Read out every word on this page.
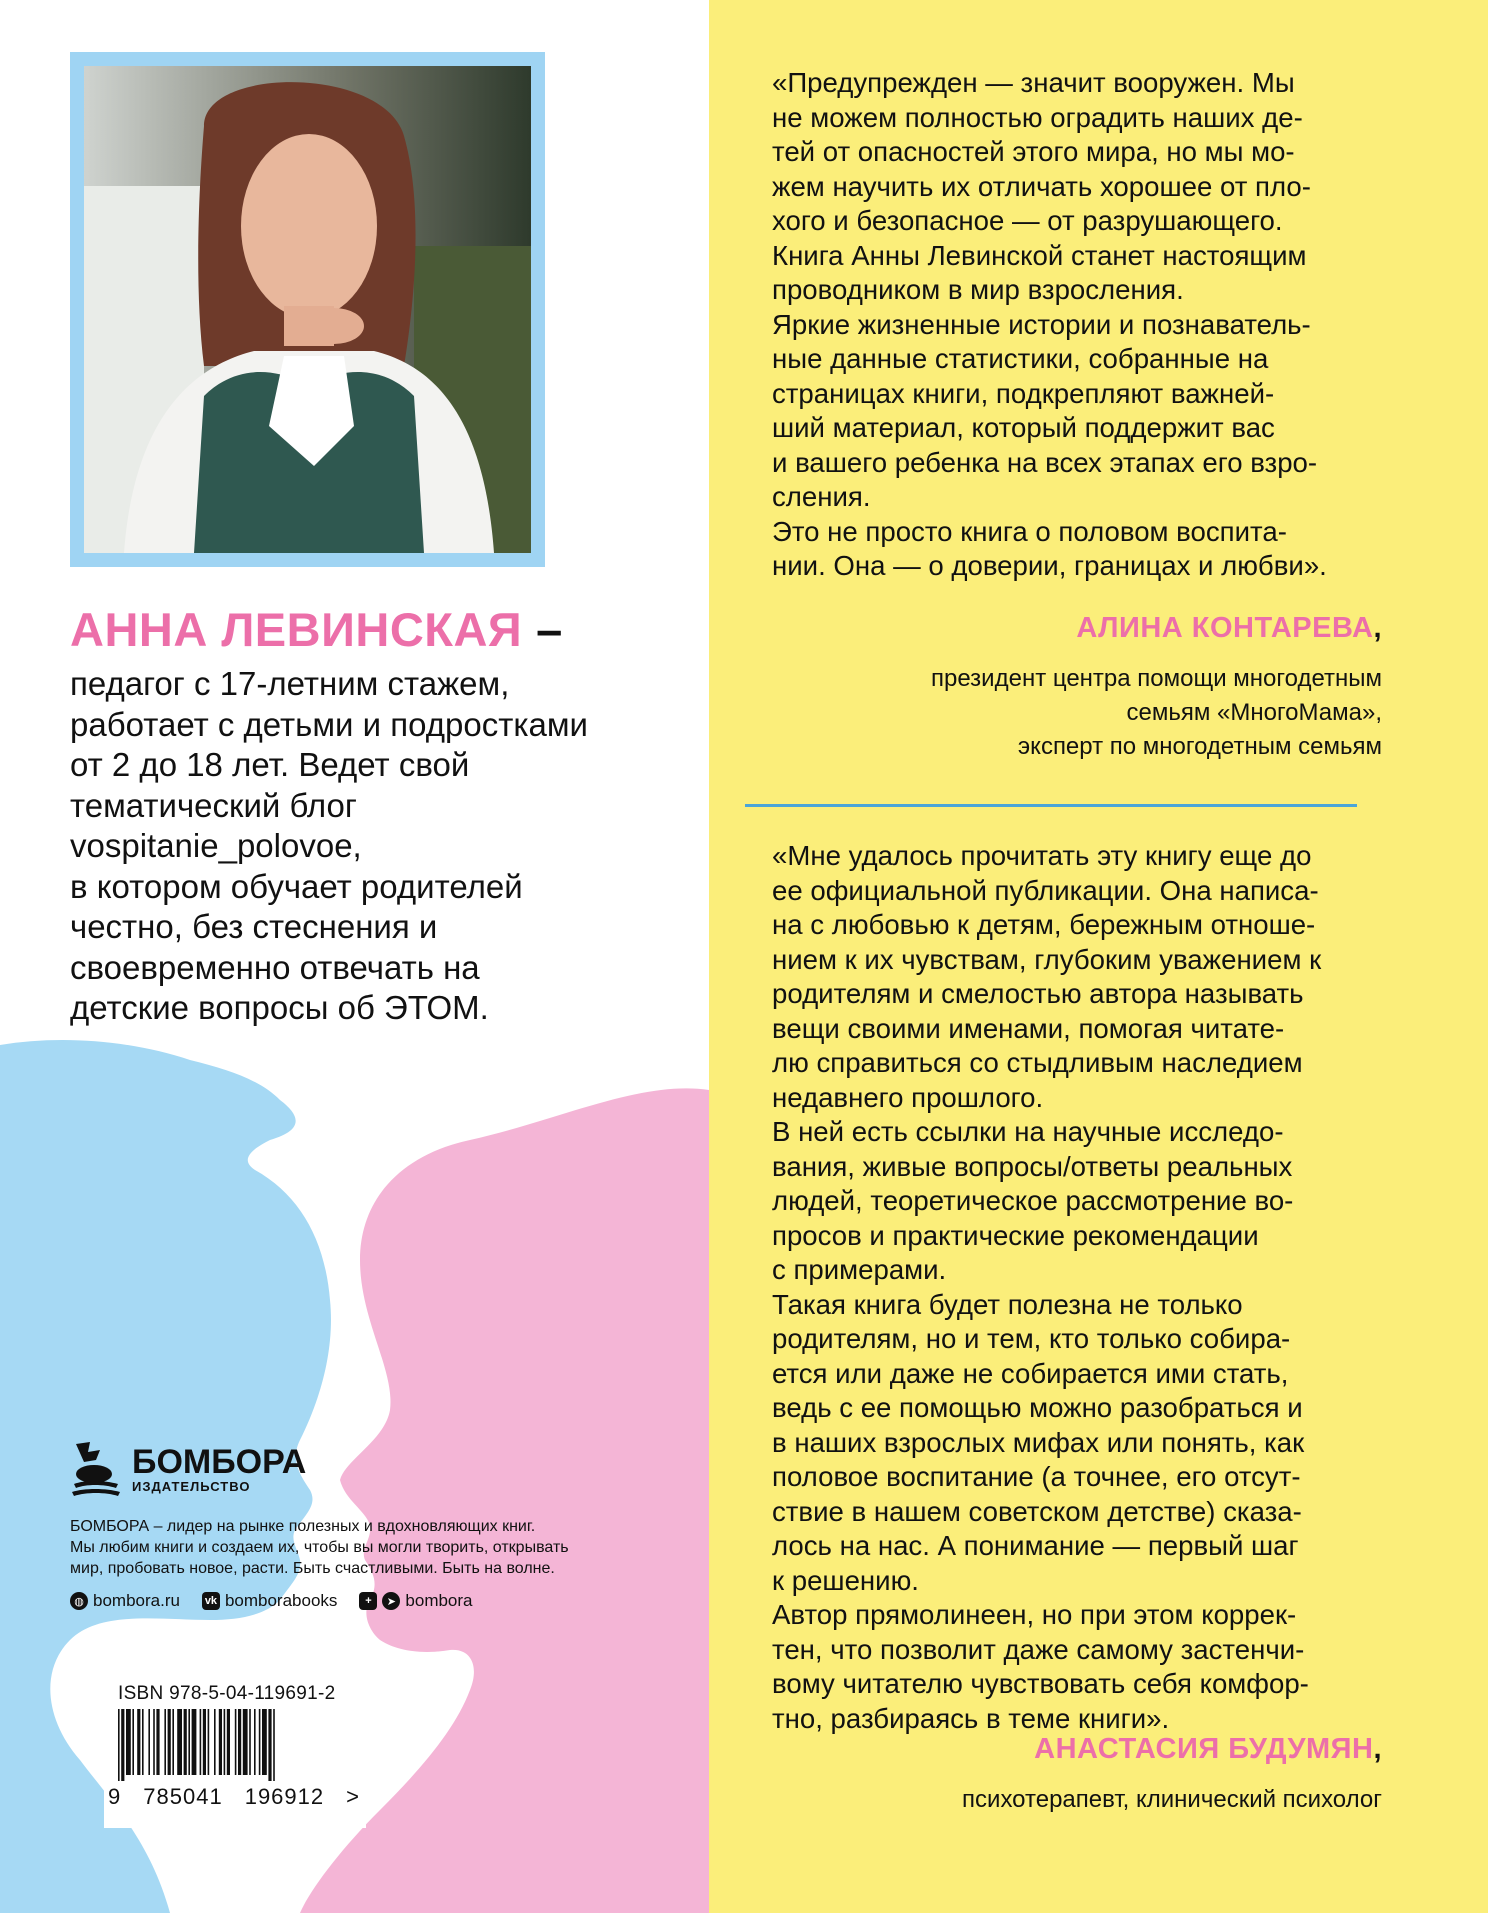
АННА ЛЕВИНСКАЯ –
педагог с 17-летним стажем,
работает с детьми и подростками
от 2 до 18 лет. Ведет свой
тематический блог
vospitanie_polovoe,
в котором обучает родителей
честно, без стеснения и
своевременно отвечать на
детские вопросы об ЭТОМ.
«Предупрежден — значит вооружен. Мы
не можем полностью оградить наших де-
тей от опасностей этого мира, но мы мо-
жем научить их отличать хорошее от пло-
хого и безопасное — от разрушающего.
Книга Анны Левинской станет настоящим
проводником в мир взросления.
Яркие жизненные истории и познаватель-
ные данные статистики, собранные на
страницах книги, подкрепляют важней-
ший материал, который поддержит вас
и вашего ребенка на всех этапах его взро-
сления.
Это не просто книга о половом воспита-
нии. Она — о доверии, границах и любви».
АЛИНА КОНТАРЕВА,
президент центра помощи многодетным
семьям «МногоМама»,
эксперт по многодетным семьям
«Мне удалось прочитать эту книгу еще до
ее официальной публикации. Она написа-
на с любовью к детям, бережным отноше-
нием к их чувствам, глубоким уважением к
родителям и смелостью автора называть
вещи своими именами, помогая читате-
лю справиться со стыдливым наследием
недавнего прошлого.
В ней есть ссылки на научные исследо-
вания, живые вопросы/ответы реальных
людей, теоретическое рассмотрение во-
просов и практические рекомендации
с примерами.
Такая книга будет полезна не только
родителям, но и тем, кто только собира-
ется или даже не собирается ими стать,
ведь с ее помощью можно разобраться и
в наших взрослых мифах или понять, как
половое воспитание (а точнее, его отсут-
ствие в нашем советском детстве) сказа-
лось на нас. А понимание — первый шаг
к решению.
Автор прямолинеен, но при этом коррек-
тен, что позволит даже самому застенчи-
вому читателю чувствовать себя комфор-
тно, разбираясь в теме книги».
АНАСТАСИЯ БУДУМЯН,
психотерапевт, клинический психолог
БОМБОРА
ИЗДАТЕЛЬСТВО
БОМБОРА – лидер на рынке полезных и вдохновляющих книг.
Мы любим книги и создаем их, чтобы вы могли творить, открывать
мир, пробовать новое, расти. Быть счастливыми. Быть на волне.
◍ bombora.ru vk bomborabooks	+	➤ bombora
ISBN 978-5-04-119691-2
9 785041 196912 >
